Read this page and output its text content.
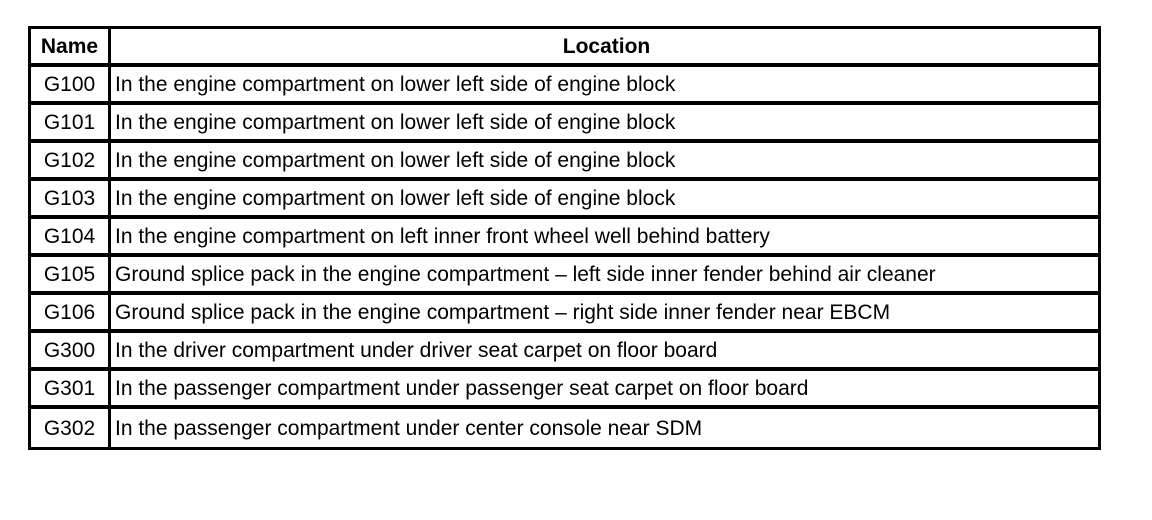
Name	Location
G100	In the engine compartment on lower left side of engine block
G101	In the engine compartment on lower left side of engine block
G102	In the engine compartment on lower left side of engine block
G103	In the engine compartment on lower left side of engine block
G104	In the engine compartment on left inner front wheel well behind battery
G105	Ground splice pack in the engine compartment – left side inner fender behind air cleaner
G106	Ground splice pack in the engine compartment – right side inner fender near EBCM
G300	In the driver compartment under driver seat carpet on floor board
G301	In the passenger compartment under passenger seat carpet on floor board
G302	In the passenger compartment under center console near SDM
